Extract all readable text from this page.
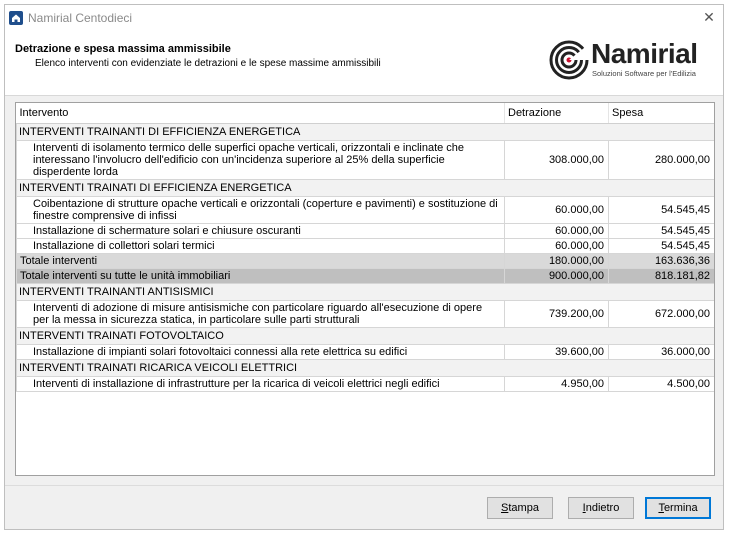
Namirial Centodieci	✕
Detrazione e spesa massima ammissibile
Elenco interventi con evidenziate le detrazioni e le spese massime ammissibili	Namirial
Soluzioni Software per l'Edilizia
Intervento	Detrazione	Spesa
INTERVENTI TRAINANTI DI EFFICIENZA ENERGETICA		
Interventi di isolamento termico delle superfici opache verticali, orizzontali e inclinate che interessano l'involucro dell'edificio con un'incidenza superiore al 25% della superficie disperdente lorda	308.000,00	280.000,00
INTERVENTI TRAINATI DI EFFICIENZA ENERGETICA		
Coibentazione di strutture opache verticali e orizzontali (coperture e pavimenti) e sostituzione di finestre comprensive di infissi	60.000,00	54.545,45
Installazione di schermature solari e chiusure oscuranti	60.000,00	54.545,45
Installazione di collettori solari termici	60.000,00	54.545,45
Totale interventi	180.000,00	163.636,36
Totale interventi su tutte le unità immobiliari	900.000,00	818.181,82
INTERVENTI TRAINANTI ANTISISMICI		
Interventi di adozione di misure antisismiche con particolare riguardo all'esecuzione di opere per la messa in sicurezza statica, in particolare sulle parti strutturali	739.200,00	672.000,00
INTERVENTI TRAINATI FOTOVOLTAICO		
Installazione di impianti solari fotovoltaici connessi alla rete elettrica su edifici	39.600,00	36.000,00
INTERVENTI TRAINATI RICARICA VEICOLI ELETTRICI		
Interventi di installazione di infrastrutture per la ricarica di veicoli elettrici negli edifici	4.950,00	4.500,00
Stampa	Indietro	Termina
